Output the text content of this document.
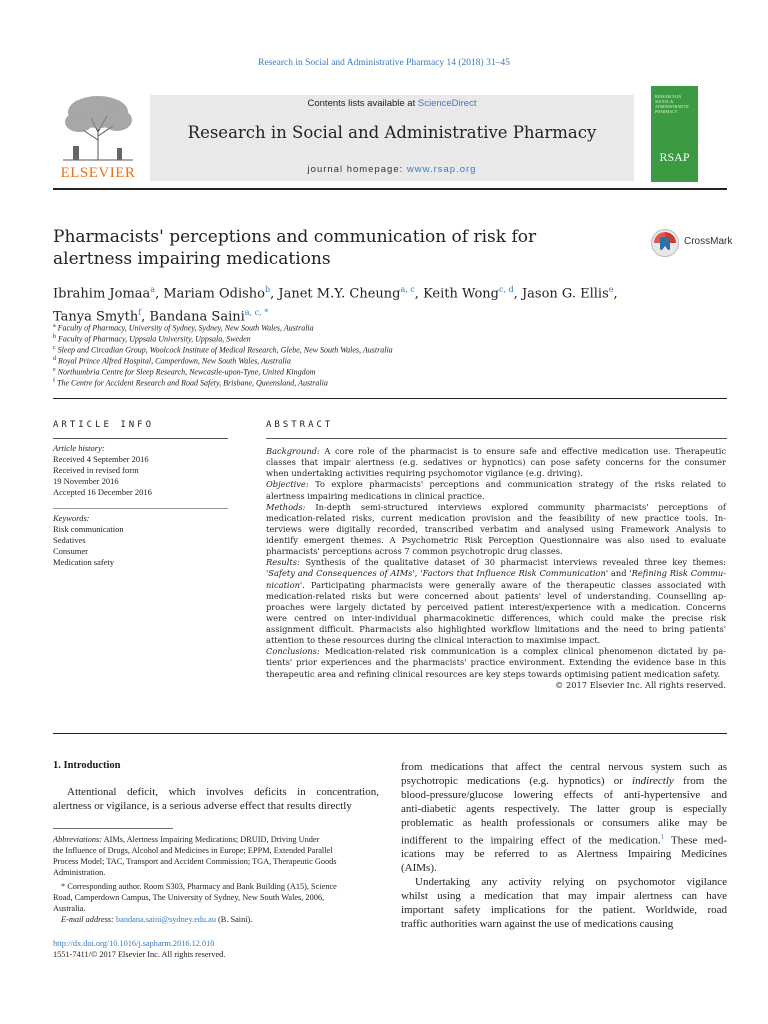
Research in Social and Administrative Pharmacy 14 (2018) 31–45
ELSEVIER
Contents lists available at ScienceDirect
Research in Social and Administrative Pharmacy
journal homepage: www.rsap.org
RESEARCH IN SOCIAL & ADMINISTRATIVE PHARMACY
RSAP
Pharmacists' perceptions and communication of risk for alertness impairing medications
CrossMark
Ibrahim Jomaa$^a$, Mariam Odisho$^b$, Janet M.Y. Cheung$^{a, c}$, Keith Wong$^{c, d}$, Jason G. Ellis$^e$,
Tanya Smyth$^f$, Bandana Saini$^{a, c, *}$
$^a$ Faculty of Pharmacy, University of Sydney, Sydney, New South Wales, Australia
$^b$ Faculty of Pharmacy, Uppsala University, Uppsala, Sweden
$^c$ Sleep and Circadian Group, Woolcock Institute of Medical Research, Glebe, New South Wales, Australia
$^d$ Royal Prince Alfred Hospital, Camperdown, New South Wales, Australia
$^e$ Northumbria Centre for Sleep Research, Newcastle-upon-Tyne, United Kingdom
$^f$ The Centre for Accident Research and Road Safety, Brisbane, Queensland, Australia
ARTICLE INFO
Article history:
Received 4 September 2016
Received in revised form
19 November 2016
Accepted 16 December 2016
Keywords:
Risk communication
Sedatives
Consumer
Medication safety
ABSTRACT
Background: A core role of the pharmacist is to ensure safe and effective medication use. Therapeutic
classes that impair alertness (e.g. sedatives or hypnotics) can pose safety concerns for the consumer
when undertaking activities requiring psychomotor vigilance (e.g. driving).
Objective: To explore pharmacists' perceptions and communication strategy of the risks related to
alertness impairing medications in clinical practice.
Methods: In-depth semi-structured interviews explored community pharmacists' perceptions of
medication-related risks, current medication provision and the feasibility of new practice tools. In-
terviews were digitally recorded, transcribed verbatim and analysed using Framework Analysis to
identify emergent themes. A Psychometric Risk Perception Questionnaire was also used to evaluate
pharmacists' perceptions across 7 common psychotropic drug classes.
Results: Synthesis of the qualitative dataset of 30 pharmacist interviews revealed three key themes:
'Safety and Consequences of AIMs', 'Factors that Influence Risk Communication' and 'Refining Risk Commu-
nication'. Participating pharmacists were generally aware of the therapeutic classes associated with
medication-related risks but were concerned about patients' level of understanding. Counselling ap-
proaches were largely dictated by perceived patient interest/experience with a medication. Concerns
were centred on inter-individual pharmacokinetic differences, which could make the precise risk
assignment difficult. Pharmacists also highlighted workflow limitations and the need to bring patients'
attention to these resources during the clinical interaction to maximise impact.
Conclusions: Medication-related risk communication is a complex clinical phenomenon dictated by pa-
tients' prior experiences and the pharmacists' practice environment. Extending the evidence base in this
therapeutic area and refining clinical resources are key steps towards optimising patient medication safety.
© 2017 Elsevier Inc. All rights reserved.
1. Introduction
Attentional deficit, which involves deficits in concentration,
alertness or vigilance, is a serious adverse effect that results directly
from medications that affect the central nervous system such as
psychotropic medications (e.g. hypnotics) or indirectly from the
blood-pressure/glucose lowering effects of anti-hypertensive and
anti-diabetic agents respectively. The latter group is especially
problematic as health professionals or consumers alike may be
indifferent to the impairing effect of the medication.$^1$ These med-
ications may be referred to as Alertness Impairing Medicines
(AIMs).
Undertaking any activity relying on psychomotor vigilance
whilst using a medication that may impair alertness can have
important safety implications for the patient. Worldwide, road
traffic authorities warn against the use of medications causing
Abbreviations: AIMs, Alertness Impairing Medications; DRUID, Driving Under
the Influence of Drugs, Alcohol and Medicines in Europe; EPPM, Extended Parallel
Process Model; TAC, Transport and Accident Commission; TGA, Therapeutic Goods
Administration.
* Corresponding author. Room S303, Pharmacy and Bank Building (A15), Science
Road, Camperdown Campus, The University of Sydney, New South Wales, 2006,
Australia.
E-mail address: bandana.saini@sydney.edu.au (B. Saini).
http://dx.doi.org/10.1016/j.sapharm.2016.12.010
1551-7411/© 2017 Elsevier Inc. All rights reserved.
